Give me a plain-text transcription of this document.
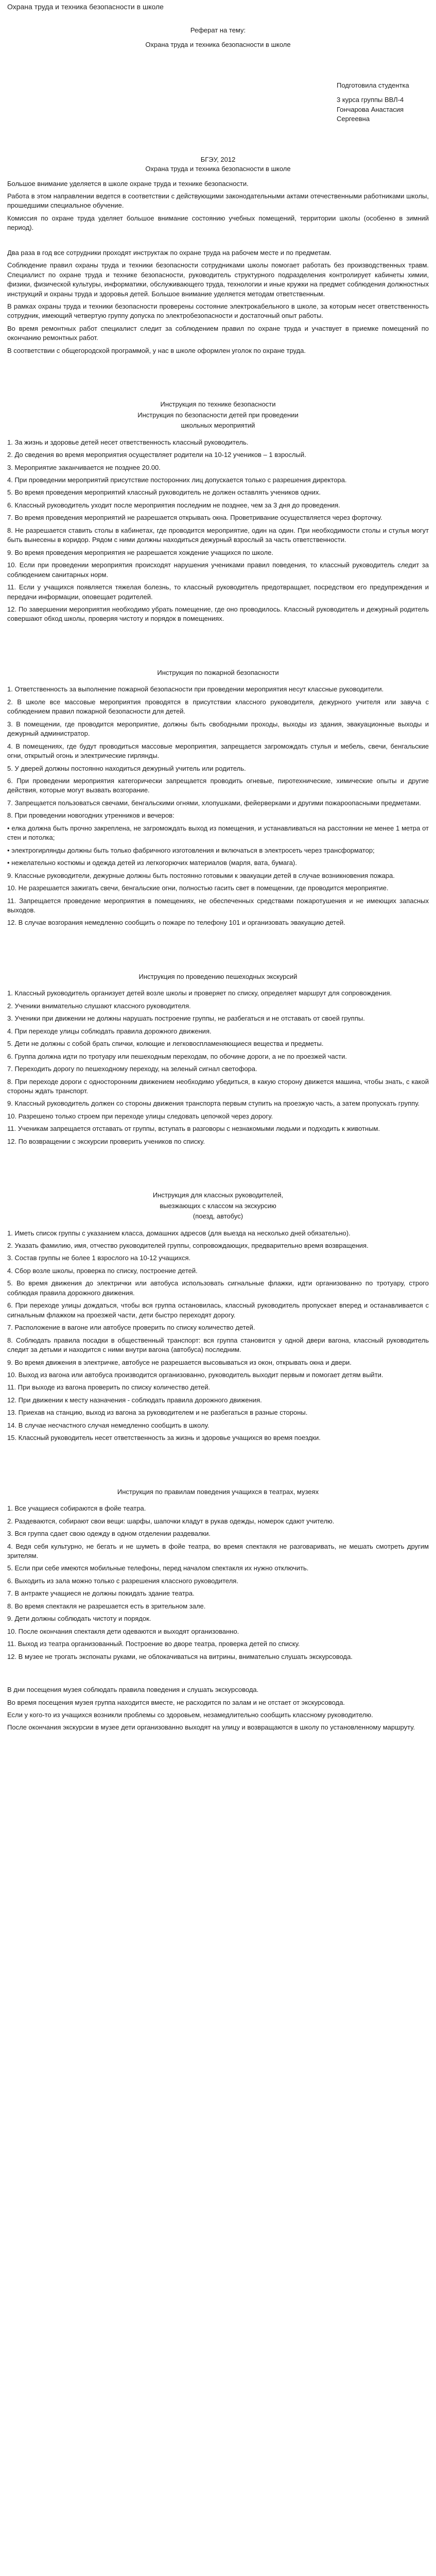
Охрана труда и техника безопасности в школе
Реферат на тему:
Охрана труда и техника безопасности в школе
Подготовила студентка
3 курса группы ВВЛ-4
Гончарова Анастасия Сергеевна
БГЭУ, 2012
Охрана труда и техника безопасности в школе

Большое внимание уделяется в школе охране труда и технике безопасности.

Работа в этом направлении ведется в соответствии с действующими законодательными актами отечественными работниками школы, прошедшими специальное обучение.

Комиссия по охране труда уделяет большое внимание состоянию учебных помещений, территории школы (особенно в зимний период).

Два раза в год все сотрудники проходят инструктаж по охране труда на рабочем месте и по предметам.

Соблюдение правил охраны труда и техники безопасности сотрудниками школы помогает работать без производственных травм. Специалист по охране труда и технике безопасности, руководитель структурного подразделения контролирует кабинеты химии, физики, физической культуры, информатики, обслуживающего труда, технологии и иные кружки на предмет соблюдения должностных инструкций и охраны труда и здоровья детей. Большое внимание уделяется методам ответственным.

В рамках охраны труда и техники безопасности проверены состояние электрокабельного в школе, за которым несет ответственность сотрудник, имеющий четвертую группу допуска по электробезопасности и достаточный опыт работы.

Во время ремонтных работ специалист следит за соблюдением правил по охране труда и участвует в приемке помещений по окончанию ремонтных работ.

В соответствии с общегородской программой, у нас в школе оформлен уголок по охране труда.

Инструкция по технике безопасности
Инструкция по безопасности детей при проведении
школьных мероприятий

1. За жизнь и здоровье детей несет ответственность классный руководитель.

2. До сведения во время мероприятия осуществляет родители на 10-12 учеников – 1 взрослый.

3. Мероприятие заканчивается не позднее 20.00.

4. При проведении мероприятий присутствие посторонних лиц допускается только с разрешения директора.

5. Во время проведения мероприятий классный руководитель не должен оставлять учеников одних.

6. Классный руководитель уходит после мероприятия последним не позднее, чем за 3 дня до проведения.

7. Во время проведения мероприятий не разрешается открывать окна. Проветривание осуществляется через форточку.

8. Не разрешается ставить столы в кабинетах, где проводится мероприятие, один на один. При необходимости столы и стулья могут быть вынесены в коридор. Рядом с ними должны находиться дежурный взрослый за часть ответственности.

9. Во время проведения мероприятия не разрешается хождение учащихся по школе.

10. Если при проведении мероприятия происходят нарушения учениками правил поведения, то классный руководитель следит за соблюдением санитарных норм.

11. Если у учащихся появляется тяжелая болезнь, то классный руководитель предотвращает, посредством его предупреждения и передачи информации, оповещает родителей.

12. По завершении мероприятия необходимо убрать помещение, где оно проводилось. Классный руководитель и дежурный родитель совершают обход школы, проверяя чистоту и порядок в помещениях.

Инструкция по пожарной безопасности

1. Ответственность за выполнение пожарной безопасности при проведении мероприятия несут классные руководители.

2. В школе все массовые мероприятия проводятся в присутствии классного руководителя, дежурного учителя или завуча с соблюдением правил пожарной безопасности для детей.

3. В помещении, где проводится мероприятие, должны быть свободными проходы, выходы из здания, эвакуационные выходы и дежурный администратор.

4. В помещениях, где будут проводиться массовые мероприятия, запрещается загромождать стулья и мебель, свечи, бенгальские огни, открытый огонь и электрические гирлянды.

5. У дверей должны постоянно находиться дежурный учитель или родитель.

6. При проведении мероприятия категорически запрещается проводить огневые, пиротехнические, химические опыты и другие действия, которые могут вызвать возгорание.

7. Запрещается пользоваться свечами, бенгальскими огнями, хлопушками, фейерверками и другими пожароопасными предметами.

8. При проведении новогодних утренников и вечеров:

• елка должна быть прочно закреплена, не загромождать выход из помещения, и устанавливаться на расстоянии не менее 1 метра от стен и потолка;

• электрогирлянды должны быть только фабричного изготовления и включаться в электросеть через трансформатор;

• нежелательно костюмы и одежда детей из легкогорючих материалов (марля, вата, бумага).

9. Классные руководители, дежурные должны быть постоянно готовыми к эвакуации детей в случае возникновения пожара.

10. Не разрешается зажигать свечи, бенгальские огни, полностью гасить свет в помещении, где проводится мероприятие.

11. Запрещается проведение мероприятия в помещениях, не обеспеченных средствами пожаротушения и не имеющих запасных выходов.

12. В случае возгорания немедленно сообщить о пожаре по телефону 101 и организовать эвакуацию детей.

Инструкция по проведению пешеходных экскурсий

1. Классный руководитель организует детей возле школы и проверяет по списку, определяет маршрут для сопровождения.

2. Ученики внимательно слушают классного руководителя.

3. Ученики при движении не должны нарушать построение группы, не разбегаться и не отставать от своей группы.

4. При переходе улицы соблюдать правила дорожного движения.

5. Дети не должны с собой брать спички, колющие и легковоспламеняющиеся вещества и предметы.

6. Группа должна идти по тротуару или пешеходным переходам, по обочине дороги, а не по проезжей части.

7. Переходить дорогу по пешеходному переходу, на зеленый сигнал светофора.

8. При переходе дороги с односторонним движением необходимо убедиться, в какую сторону движется машина, чтобы знать, с какой стороны ждать транспорт.

9. Классный руководитель должен со стороны движения транспорта первым ступить на проезжую часть, а затем пропускать группу.

10. Разрешено только строем при переходе улицы следовать цепочкой через дорогу.

11. Ученикам запрещается отставать от группы, вступать в разговоры с незнакомыми людьми и подходить к животным.

12. По возвращении с экскурсии проверить учеников по списку.

Инструкция для классных руководителей,
выезжающих с классом на экскурсию
(поезд, автобус)

1. Иметь список группы с указанием класса, домашних адресов (для выезда на несколько дней обязательно).

2. Указать фамилию, имя, отчество руководителей группы, сопровождающих, предварительно время возвращения.

3. Состав группы не более 1 взрослого на 10-12 учащихся.

4. Сбор возле школы, проверка по списку, построение детей.

5. Во время движения до электрички или автобуса использовать сигнальные флажки, идти организованно по тротуару, строго соблюдая правила дорожного движения.

6. При переходе улицы дождаться, чтобы вся группа остановилась, классный руководитель пропускает вперед и останавливается с сигнальным флажком на проезжей части, дети быстро переходят дорогу.

7. Расположение в вагоне или автобусе проверить по списку количество детей.

8. Соблюдать правила посадки в общественный транспорт: вся группа становится у одной двери вагона, классный руководитель следит за детьми и находится с ними внутри вагона (автобуса) последним.

9. Во время движения в электричке, автобусе не разрешается высовываться из окон, открывать окна и двери.

10. Выход из вагона или автобуса производится организованно, руководитель выходит первым и помогает детям выйти.

11. При выходе из вагона проверить по списку количество детей.

12. При движении к месту назначения - соблюдать правила дорожного движения.

13. Приехав на станцию, выход из вагона за руководителем и не разбегаться в разные стороны.

14. В случае несчастного случая немедленно сообщить в школу.

15. Классный руководитель несет ответственность за жизнь и здоровье учащихся во время поездки.

Инструкция по правилам поведения учащихся в театрах, музеях

1. Все учащиеся собираются в фойе театра.

2. Раздеваются, собирают свои вещи: шарфы, шапочки кладут в рукав одежды, номерок сдают учителю.

3. Вся группа сдает свою одежду в одном отделении раздевалки.

4. Ведя себя культурно, не бегать и не шуметь в фойе театра, во время спектакля не разговаривать, не мешать смотреть другим зрителям.

5. Если при себе имеются мобильные телефоны, перед началом спектакля их нужно отключить.

6. Выходить из зала можно только с разрешения классного руководителя.

7. В антракте учащиеся не должны покидать здание театра.

8. Во время спектакля не разрешается есть в зрительном зале.

9. Дети должны соблюдать чистоту и порядок.

10. После окончания спектакля дети одеваются и выходят организованно.

11. Выход из театра организованный. Построение во дворе театра, проверка детей по списку.

12. В музее не трогать экспонаты руками, не облокачиваться на витрины, внимательно слушать экскурсовода.

В дни посещения музея соблюдать правила поведения и слушать экскурсовода.

Во время посещения музея группа находится вместе, не расходится по залам и не отстает от экскурсовода.

Если у кого-то из учащихся возникли проблемы со здоровьем, незамедлительно сообщить классному руководителю.

После окончания экскурсии в музее дети организованно выходят на улицу и возвращаются в школу по установленному маршруту.
